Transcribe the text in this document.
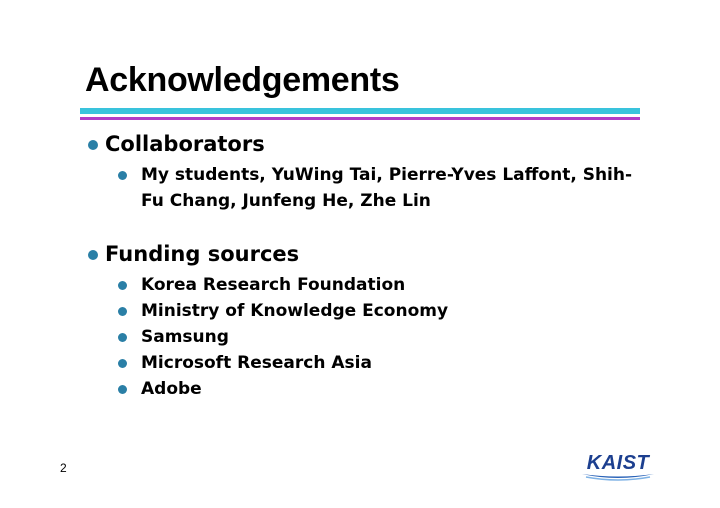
Acknowledgements
Collaborators
My students, YuWing Tai, Pierre-Yves Laffont, Shih-Fu Chang, Junfeng He, Zhe Lin
Funding sources
Korea Research Foundation
Ministry of Knowledge Economy
Samsung
Microsoft Research Asia
Adobe
2	KAIST
